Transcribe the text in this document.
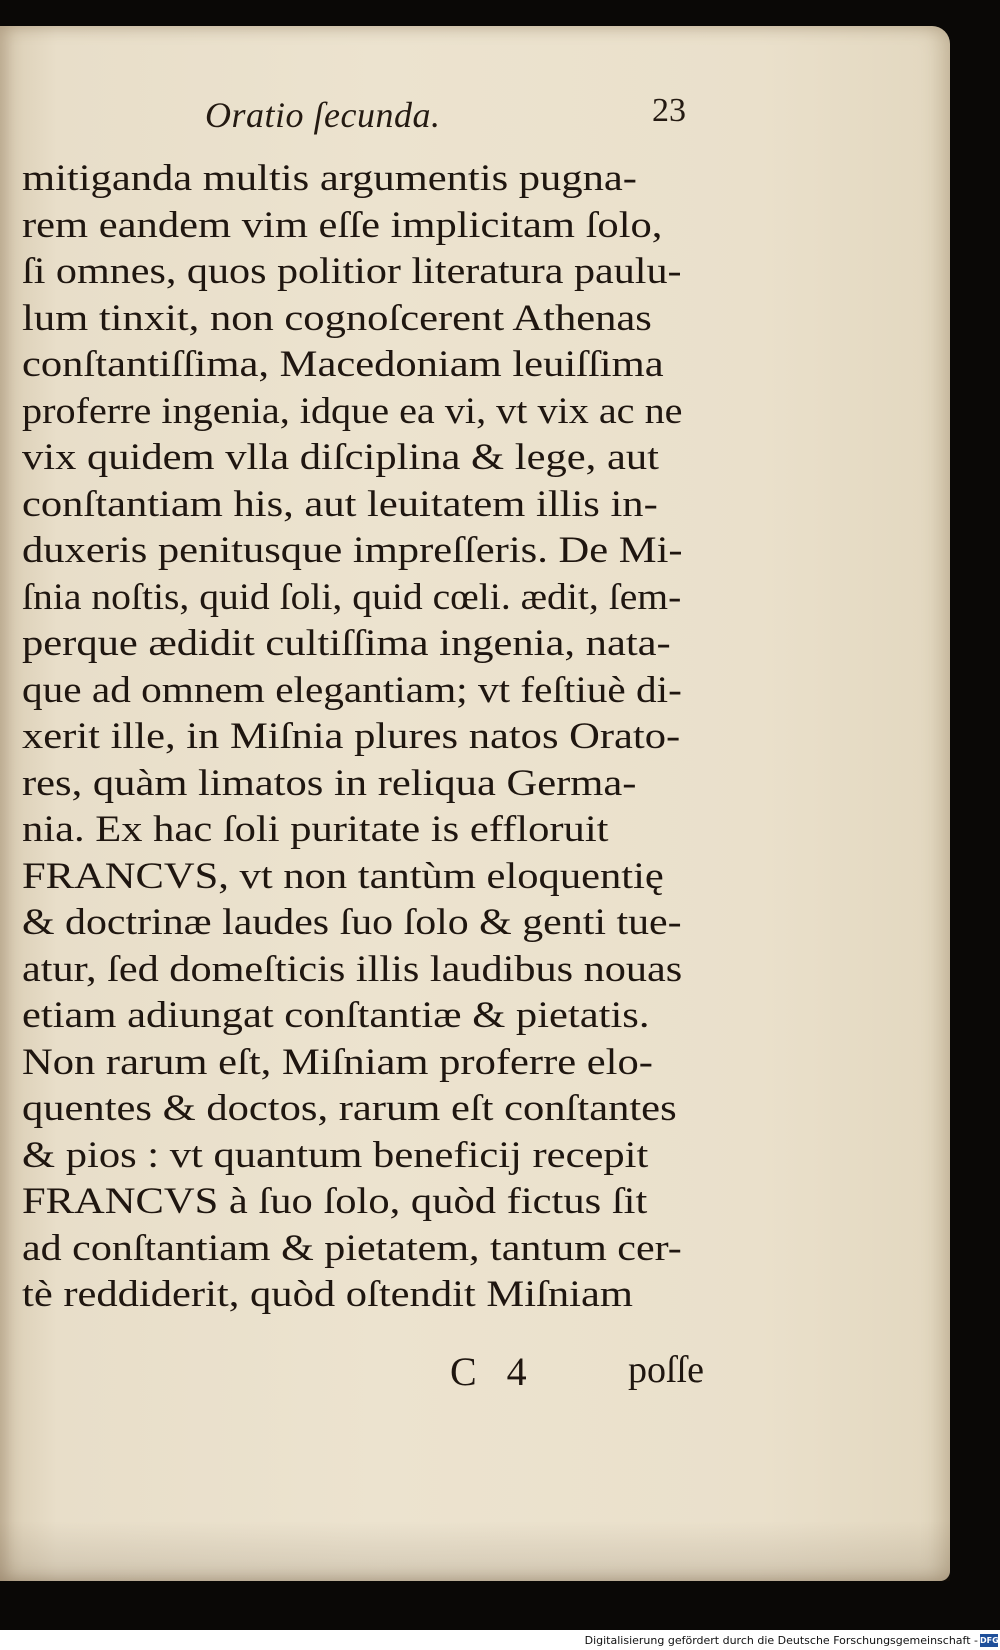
Oratio ſecunda.	23
mitiganda multis argumentis pugna-
rem eandem vim eſſe implicitam ſolo,
ſi omnes, quos politior literatura paulu-
lum tinxit, non cognoſcerent Athenas
conſtantiſſima, Macedoniam leuiſſima
proferre ingenia, idque ea vi, vt vix ac ne
vix quidem vlla diſciplina & lege, aut
conſtantiam his, aut leuitatem illis in-
duxeris penitusque impreſſeris. De Mi-
ſnia noſtis, quid ſoli, quid cœli. ædit, ſem-
perque ædidit cultiſſima ingenia, nata-
que ad omnem elegantiam; vt feſtiuè di-
xerit ille, in Miſnia plures natos Orato-
res, quàm limatos in reliqua Germa-
nia. Ex hac ſoli puritate is effloruit
FRANCVS, vt non tantùm eloquentię
& doctrinæ laudes ſuo ſolo & genti tue-
atur, ſed domeſticis illis laudibus nouas
etiam adiungat conſtantiæ & pietatis.
Non rarum eſt, Miſniam proferre elo-
quentes & doctos, rarum eſt conſtantes
& pios : vt quantum beneficij recepit
FRANCVS à ſuo ſolo, quòd fictus ſit
ad conſtantiam & pietatem, tantum cer-
tè reddiderit, quòd oſtendit Miſniam
C 4 poſſe
Digitalisierung gefördert durch die Deutsche Forschungsgemeinschaft - DFG
